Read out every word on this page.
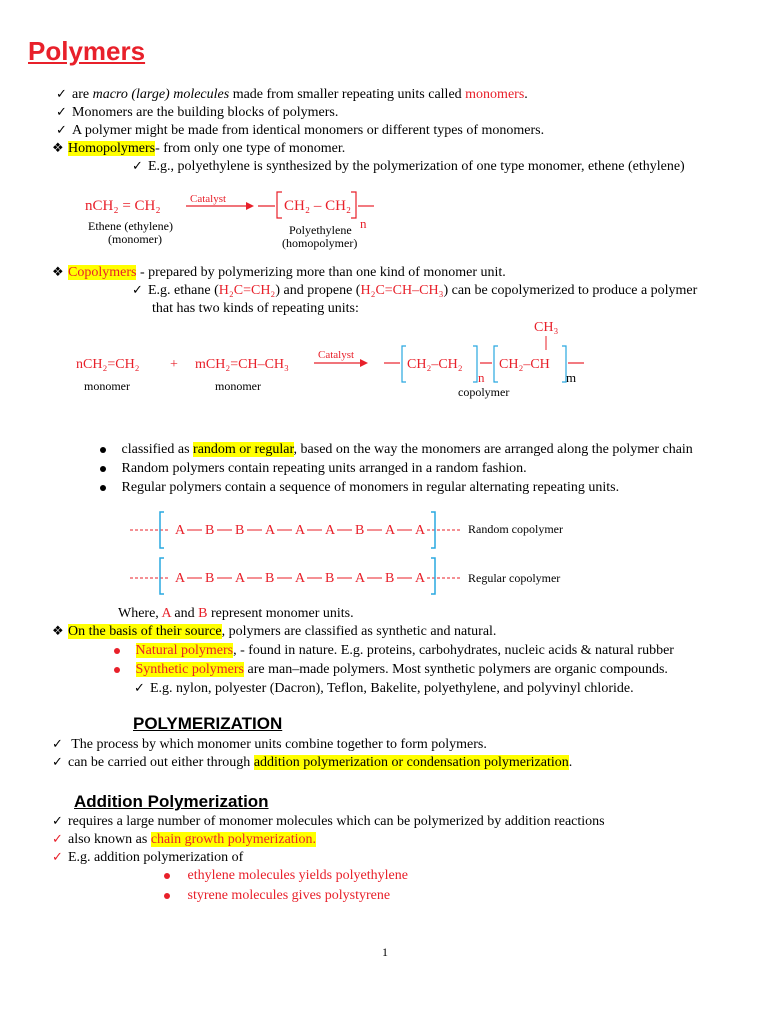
Polymers
✓ are macro (large) molecules made from smaller repeating units called monomers.
✓ Monomers are the building blocks of polymers.
✓ A polymer might be made from identical monomers or different types of monomers.
❖ Homopolymers- from only one type of monomer.
✓ E.g., polyethylene is synthesized by the polymerization of one type monomer, ethene (ethylene)
nCH₂ = CH₂	Catalyst	CH₂ – CH₂
n
Ethene (ethylene)
(monomer)
Polyethylene
(homopolymer)
❖ Copolymers - prepared by polymerizing more than one kind of monomer unit.
✓ E.g. ethane (H₂C=CH₂) and propene (H₂C=CH–CH₃) can be copolymerized to produce a polymer
that has two kinds of repeating units:
nCH₂=CH₂ + mCH₂=CH–CH₃
Catalyst
CH₂–CH₂
n
CH₂–CH
CH₃
m
monomer	monomer	copolymer
classified as random or regular, based on the way the monomers are arranged along the polymer chain
Random polymers contain repeating units arranged in a random fashion.
Regular polymers contain a sequence of monomers in regular alternating repeating units.
A B B A A A B A A
A B A B A B A B A
Random copolymer
Regular copolymer
Where, A and B represent monomer units.
❖ On the basis of their source, polymers are classified as synthetic and natural.
Natural polymers, - found in nature. E.g. proteins, carbohydrates, nucleic acids & natural rubber
Synthetic polymers are man–made polymers. Most synthetic polymers are organic compounds.
✓ E.g. nylon, polyester (Dacron), Teflon, Bakelite, polyethylene, and polyvinyl chloride.
POLYMERIZATION
✓ The process by which monomer units combine together to form polymers.
✓ can be carried out either through addition polymerization or condensation polymerization.
Addition Polymerization
✓ requires a large number of monomer molecules which can be polymerized by addition reactions
✓ also known as chain growth polymerization.
✓ E.g. addition polymerization of
ethylene molecules yields polyethylene
styrene molecules gives polystyrene
1
